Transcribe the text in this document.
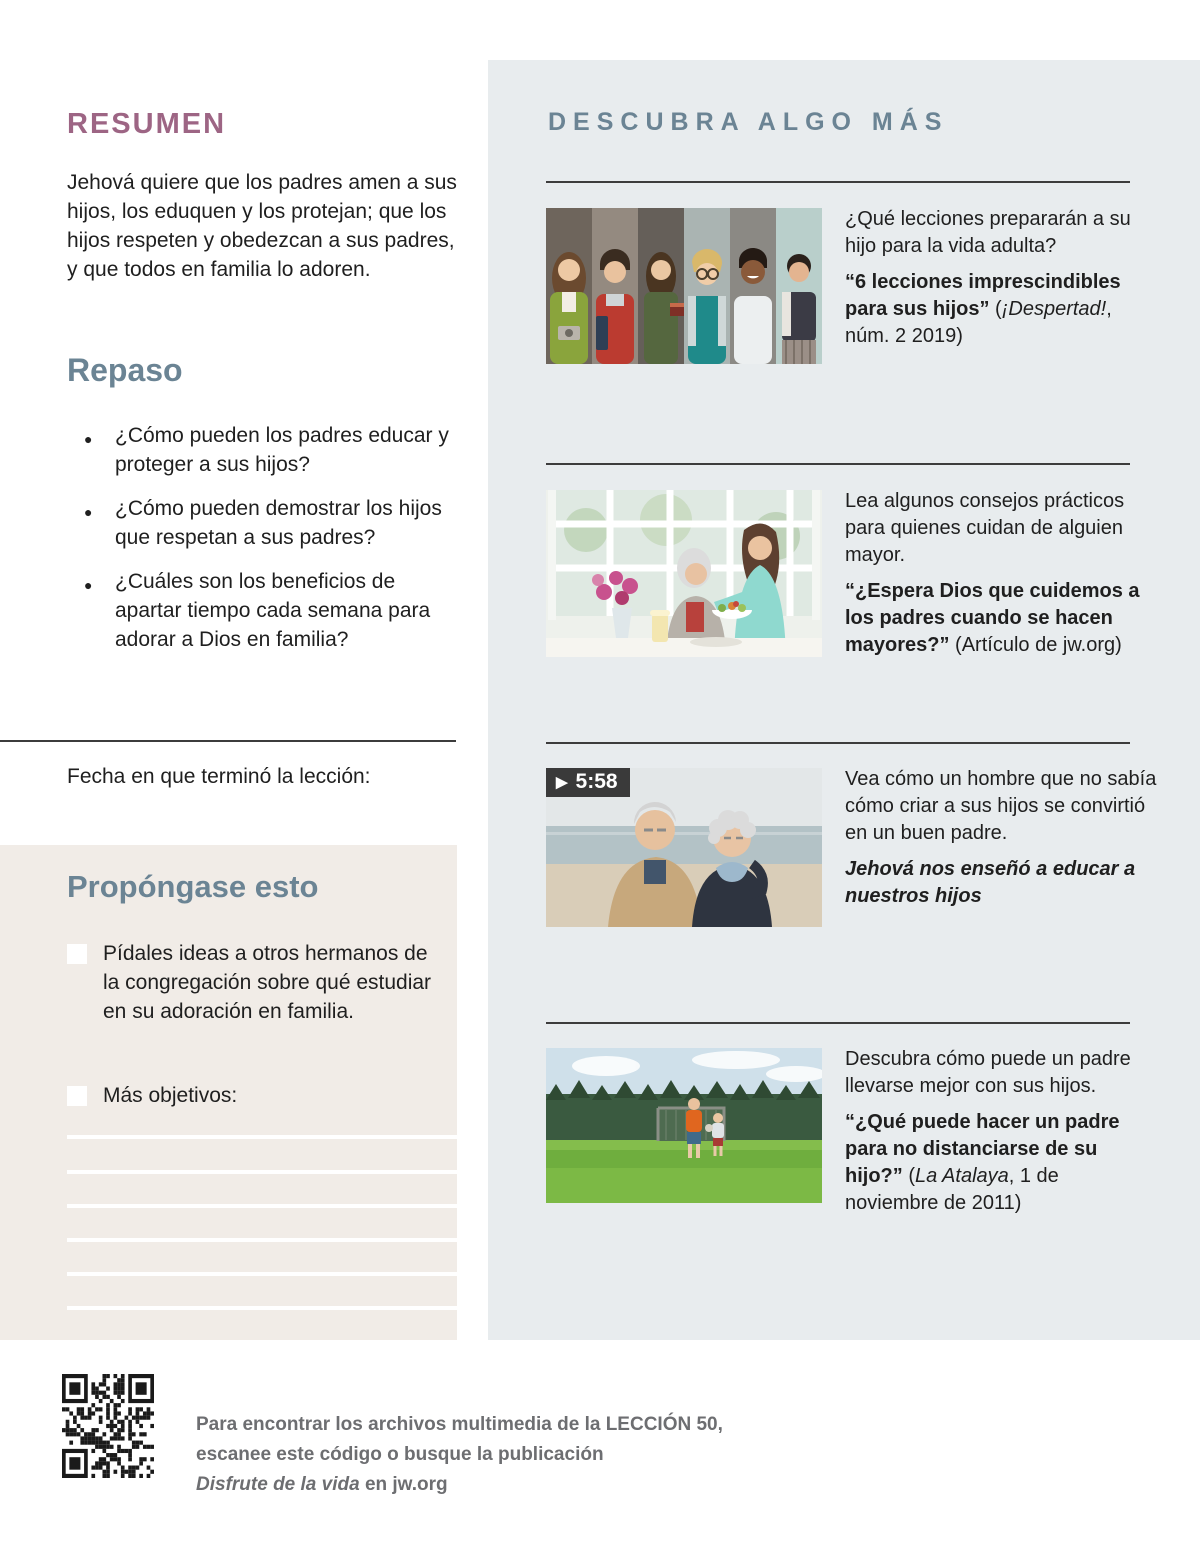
RESUMEN

Jehová quiere que los padres amen a sus hijos, los eduquen y los protejan; que los hijos respeten y obedezcan a sus padres, y que todos en familia lo adoren.

Repaso
● ¿Cómo pueden los padres educar y proteger a sus hijos?
● ¿Cómo pueden demostrar los hijos que respetan a sus padres?
● ¿Cuáles son los beneficios de apartar tiempo cada semana para adorar a Dios en familia?

Fecha en que terminó la lección:

Propóngase esto
Pídales ideas a otros hermanos de la congregación sobre qué estudiar en su adoración en familia.
Más objetivos:
DESCUBRA ALGO MÁS

¿Qué lecciones prepararán a su hijo para la vida adulta?

“6 lecciones imprescindibles para sus hijos” (¡Despertad!, núm. 2 2019)

Lea algunos consejos prácticos para quienes cuidan de alguien mayor.

“¿Espera Dios que cuidemos a los padres cuando se hacen mayores?” (Artículo de jw.org)

▶ 5:58	Vea cómo un hombre que no sabía cómo criar a sus hijos se convirtió en un buen padre.

Jehová nos enseñó a educar a nuestros hijos

Descubra cómo puede un padre llevarse mejor con sus hijos.

“¿Qué puede hacer un padre para no distanciarse de su hijo?” (La Atalaya, 1 de noviembre de 2011)

Para encontrar los archivos multimedia de la LECCIÓN 50,
escanee este código o busque la publicación
Disfrute de la vida en jw.org
